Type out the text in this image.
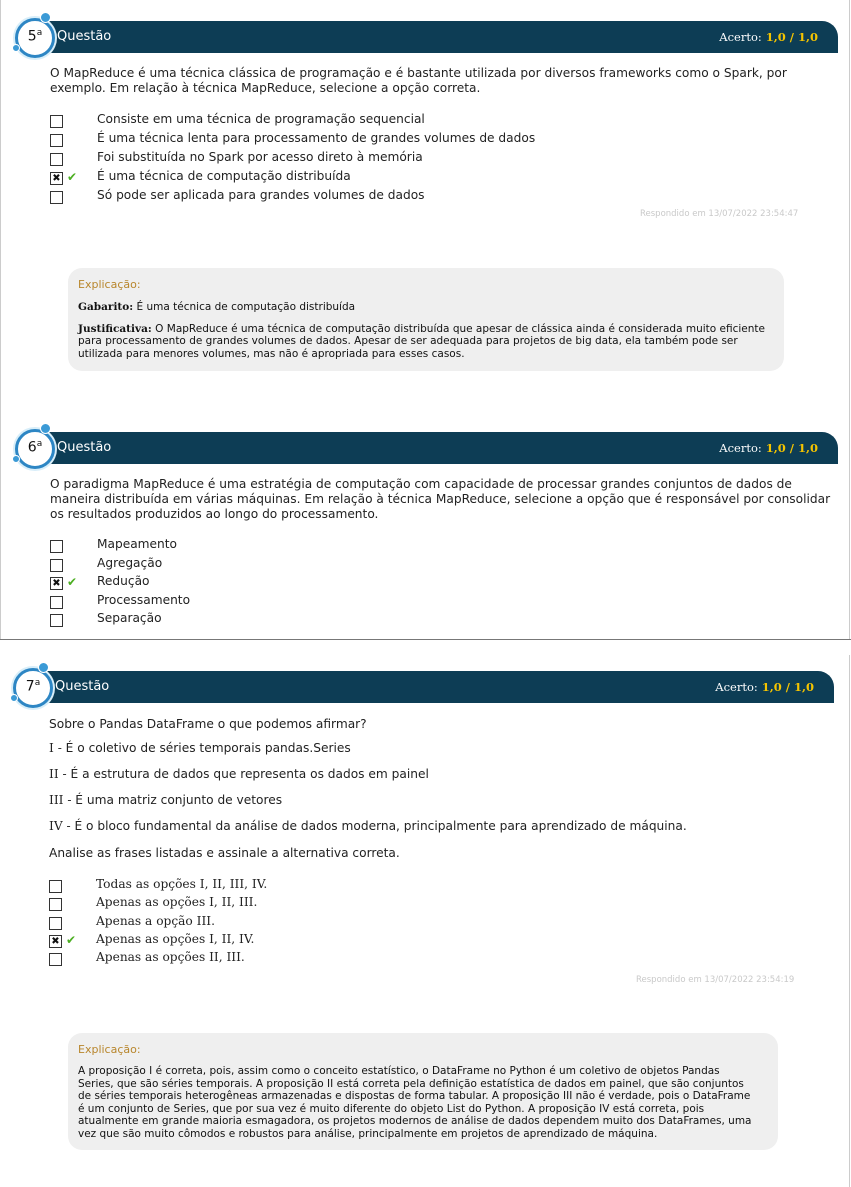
Questão	Acerto: 1,0 / 1,0
5$^a$
O MapReduce é uma técnica clássica de programação e é bastante utilizada por diversos frameworks como o Spark, por
exemplo. Em relação à técnica MapReduce, selecione a opção correta.
Consiste em uma técnica de programação sequencial
É uma técnica lenta para processamento de grandes volumes de dados
Foi substituída no Spark por acesso direto à memória
✖ ✔ É uma técnica de computação distribuída
Só pode ser aplicada para grandes volumes de dados
Respondido em 13/07/2022 23:54:47
Explicação:
Gabarito: É uma técnica de computação distribuída
Justificativa: O MapReduce é uma técnica de computação distribuída que apesar de clássica ainda é considerada muito eficiente
para processamento de grandes volumes de dados. Apesar de ser adequada para projetos de big data, ela também pode ser
utilizada para menores volumes, mas não é apropriada para esses casos.
Questão	Acerto: 1,0 / 1,0
6$^a$
O paradigma MapReduce é uma estratégia de computação com capacidade de processar grandes conjuntos de dados de
maneira distribuída em várias máquinas. Em relação à técnica MapReduce, selecione a opção que é responsável por consolidar
os resultados produzidos ao longo do processamento.
Mapeamento
Agregação
✖ ✔ Redução
Processamento
Separação
Questão	Acerto: 1,0 / 1,0
7$^a$
Sobre o Pandas DataFrame o que podemos afirmar?
I - É o coletivo de séries temporais pandas.Series
II - É a estrutura de dados que representa os dados em painel
III - É uma matriz conjunto de vetores
IV - É o bloco fundamental da análise de dados moderna, principalmente para aprendizado de máquina.
Analise as frases listadas e assinale a alternativa correta.
Todas as opções I, II, III, IV.
Apenas as opções I, II, III.
Apenas a opção III.
✖ ✔ Apenas as opções I, II, IV.
Apenas as opções II, III.
Respondido em 13/07/2022 23:54:19
Explicação:
A proposição I é correta, pois, assim como o conceito estatístico, o DataFrame no Python é um coletivo de objetos Pandas
Series, que são séries temporais. A proposição II está correta pela definição estatística de dados em painel, que são conjuntos
de séries temporais heterogêneas armazenadas e dispostas de forma tabular. A proposição III não é verdade, pois o DataFrame
é um conjunto de Series, que por sua vez é muito diferente do objeto List do Python. A proposição IV está correta, pois
atualmente em grande maioria esmagadora, os projetos modernos de análise de dados dependem muito dos DataFrames, uma
vez que são muito cômodos e robustos para análise, principalmente em projetos de aprendizado de máquina.
